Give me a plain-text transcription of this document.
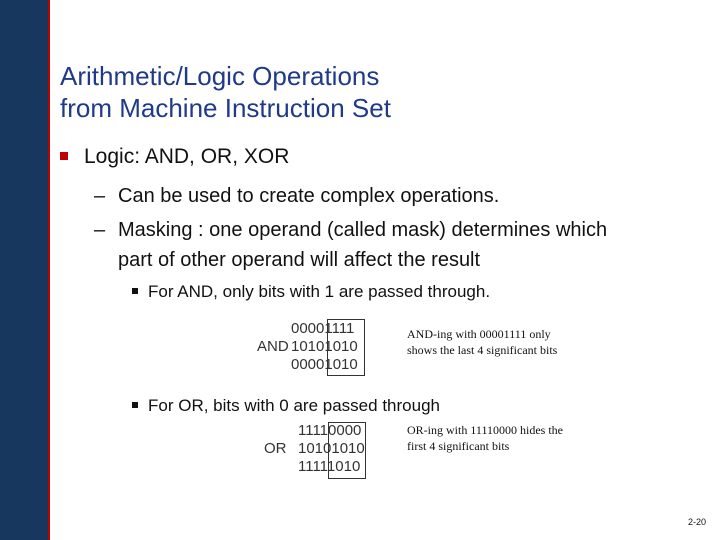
Arithmetic/Logic Operations
from Machine Instruction Set
Logic: AND, OR, XOR
– Can be used to create complex operations.
– Masking : one operand (called mask) determines which
part of other operand will affect the result
For AND, only bits with 1 are passed through.
00001111
AND 10101010
00001010
AND-ing with 00001111 only
shows the last 4 significant bits
For OR, bits with 0 are passed through
11110000
OR 10101010
11111010
OR-ing with 11110000 hides the
first 4 significant bits
2-20
